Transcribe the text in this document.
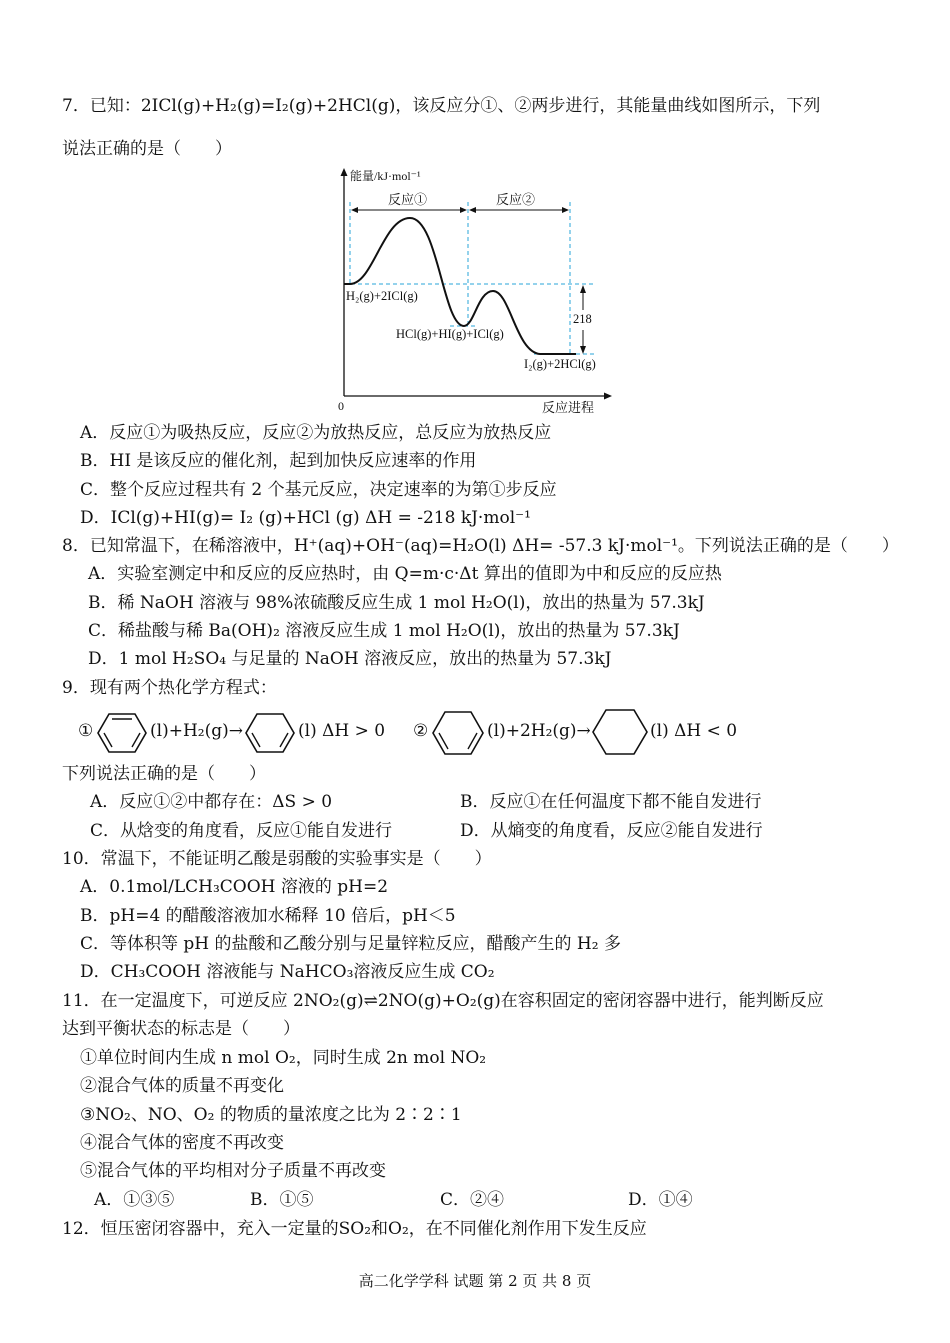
7．已知：2ICl(g)+H₂(g)=I₂(g)+2HCl(g)，该反应分①、②两步进行，其能量曲线如图所示，下列
说法正确的是（　　）
能量/kJ·mol⁻¹
0	反应进程
反应①	反应②
H₂(g)+2ICl(g)
HCl(g)+HI(g)+ICl(g)
I₂(g)+2HCl(g)
218
A．反应①为吸热反应，反应②为放热反应，总反应为放热反应
B．HI 是该反应的催化剂，起到加快反应速率的作用
C．整个反应过程共有 2 个基元反应，决定速率的为第①步反应
D．ICl(g)+HI(g)= I₂ (g)+HCl (g) ΔH = -218 kJ·mol⁻¹
8．已知常温下，在稀溶液中，H⁺(aq)+OH⁻(aq)=H₂O(l) ΔH= -57.3 kJ·mol⁻¹。下列说法正确的是（　　）
A．实验室测定中和反应的反应热时，由 Q=m·c·Δt 算出的值即为中和反应的反应热
B．稀 NaOH 溶液与 98%浓硫酸反应生成 1 mol H₂O(l)，放出的热量为 57.3kJ
C．稀盐酸与稀 Ba(OH)₂ 溶液反应生成 1 mol H₂O(l)，放出的热量为 57.3kJ
D．1 mol H₂SO₄ 与足量的 NaOH 溶液反应，放出的热量为 57.3kJ
9．现有两个热化学方程式：
①	(l)+H₂(g)→	(l) ΔH > 0 ②	(l)+2H₂(g)→	(l) ΔH < 0
下列说法正确的是（　　）
A．反应①②中都存在：ΔS > 0	B．反应①在任何温度下都不能自发进行
C．从焓变的角度看，反应①能自发进行	D．从熵变的角度看，反应②能自发进行
10．常温下，不能证明乙酸是弱酸的实验事实是（　　）
A．0.1mol/LCH₃COOH 溶液的 pH=2
B．pH=4 的醋酸溶液加水稀释 10 倍后，pH＜5
C．等体积等 pH 的盐酸和乙酸分别与足量锌粒反应，醋酸产生的 H₂ 多
D．CH₃COOH 溶液能与 NaHCO₃溶液反应生成 CO₂
11．在一定温度下，可逆反应 2NO₂(g)⇌2NO(g)+O₂(g)在容积固定的密闭容器中进行，能判断反应
达到平衡状态的标志是（　　）
①单位时间内生成 n mol O₂，同时生成 2n mol NO₂
②混合气体的质量不再变化
③NO₂、NO、O₂ 的物质的量浓度之比为 2∶2∶1
④混合气体的密度不再改变
⑤混合气体的平均相对分子质量不再改变
A．①③⑤	B．①⑤	C．②④	D．①④
12．恒压密闭容器中，充入一定量的SO₂和O₂，在不同催化剂作用下发生反应
高二化学学科 试题 第 2 页 共 8 页
